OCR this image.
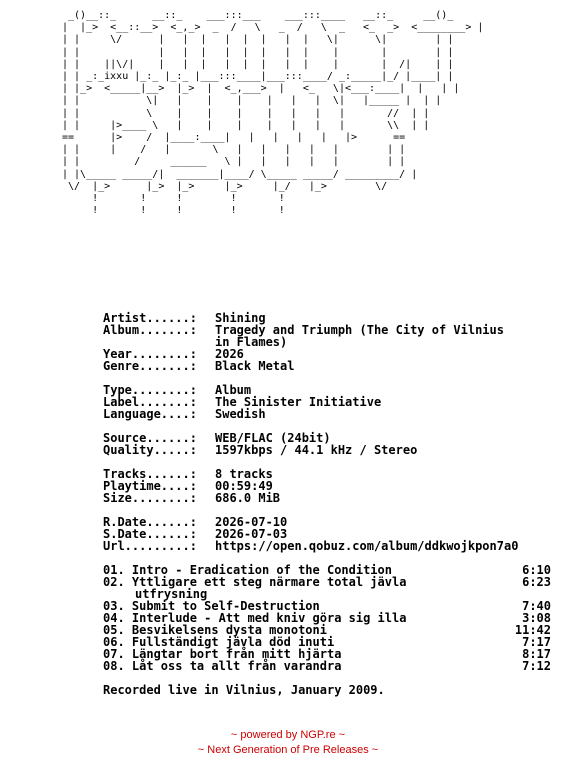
_()__::_      __::_    ___:::___    ___:::____   __::_     __()_
|  |_>  <__::__>  <_,_>  _  /   \   _  /   \  _   <_  _>  <________> |
| |     \/      |   |  |   |  |  |   |  |   \|      \|        | |
| |             |   |  |   |  |  |   |  |    |       |        | |
| |    ||\/|    |   |  |   |  |  |   |  |    |       |  /|    | |
| | _:_ixxu |_:_ |_:_ |___:::____|___:::____/ _:_____|_/ |____| |
| |_>  <_____|__>  |_>  |  <_,___>  |   <_   \|<___:____|  |   | |
| |           \|   |    |    |    |   |   |  \|   |_____ |  | |
| |           \    |    |    |    |   |   |   |       //  | |
| |     |>____ \   |    |    |    |   |   |   |       \\  | |
==      |>    /  |____:____|   |   |   |   |   |>      ==
| |     |    /   |       \   |   |   |   |   |        | |
| |         /     ______   \ |   |   |   |   |        | |
| |\_____ _____/|  _______|____/ \_____ _____/ _________/ |
\/  |_>      |_>  |_>     |_>     |_/   |_>        \/
!       !     !        !       !
!       !     !        !       !
Artist......: Shining
Album.......: Tragedy and Triumph (The City of Vilnius
in Flames)
Year........: 2026
Genre.......: Black Metal
Type........: Album
Label.......: The Sinister Initiative
Language....: Swedish
Source......: WEB/FLAC (24bit)
Quality.....: 1597kbps / 44.1 kHz / Stereo
Tracks......: 8 tracks
Playtime....: 00:59:49
Size........: 686.0 MiB
R.Date......: 2026-07-10
S.Date......: 2026-07-03
Url.........: https://open.qobuz.com/album/ddkwojkpon7a0
01. Intro - Eradication of the Condition	6:10
02. Yttligare ett steg närmare total jävla	6:23
utfrysning
03. Submit to Self-Destruction	7:40
04. Interlude - Att med kniv göra sig illa	3:08
05. Besvikelsens dysta monotoni	11:42
06. Fullständigt jävla död inuti	7:17
07. Längtar bort från mitt hjärta	8:17
08. Låt oss ta allt från varandra	7:12
Recorded live in Vilnius, January 2009.
~ powered by NGP.re ~
~ Next Generation of Pre Releases ~
